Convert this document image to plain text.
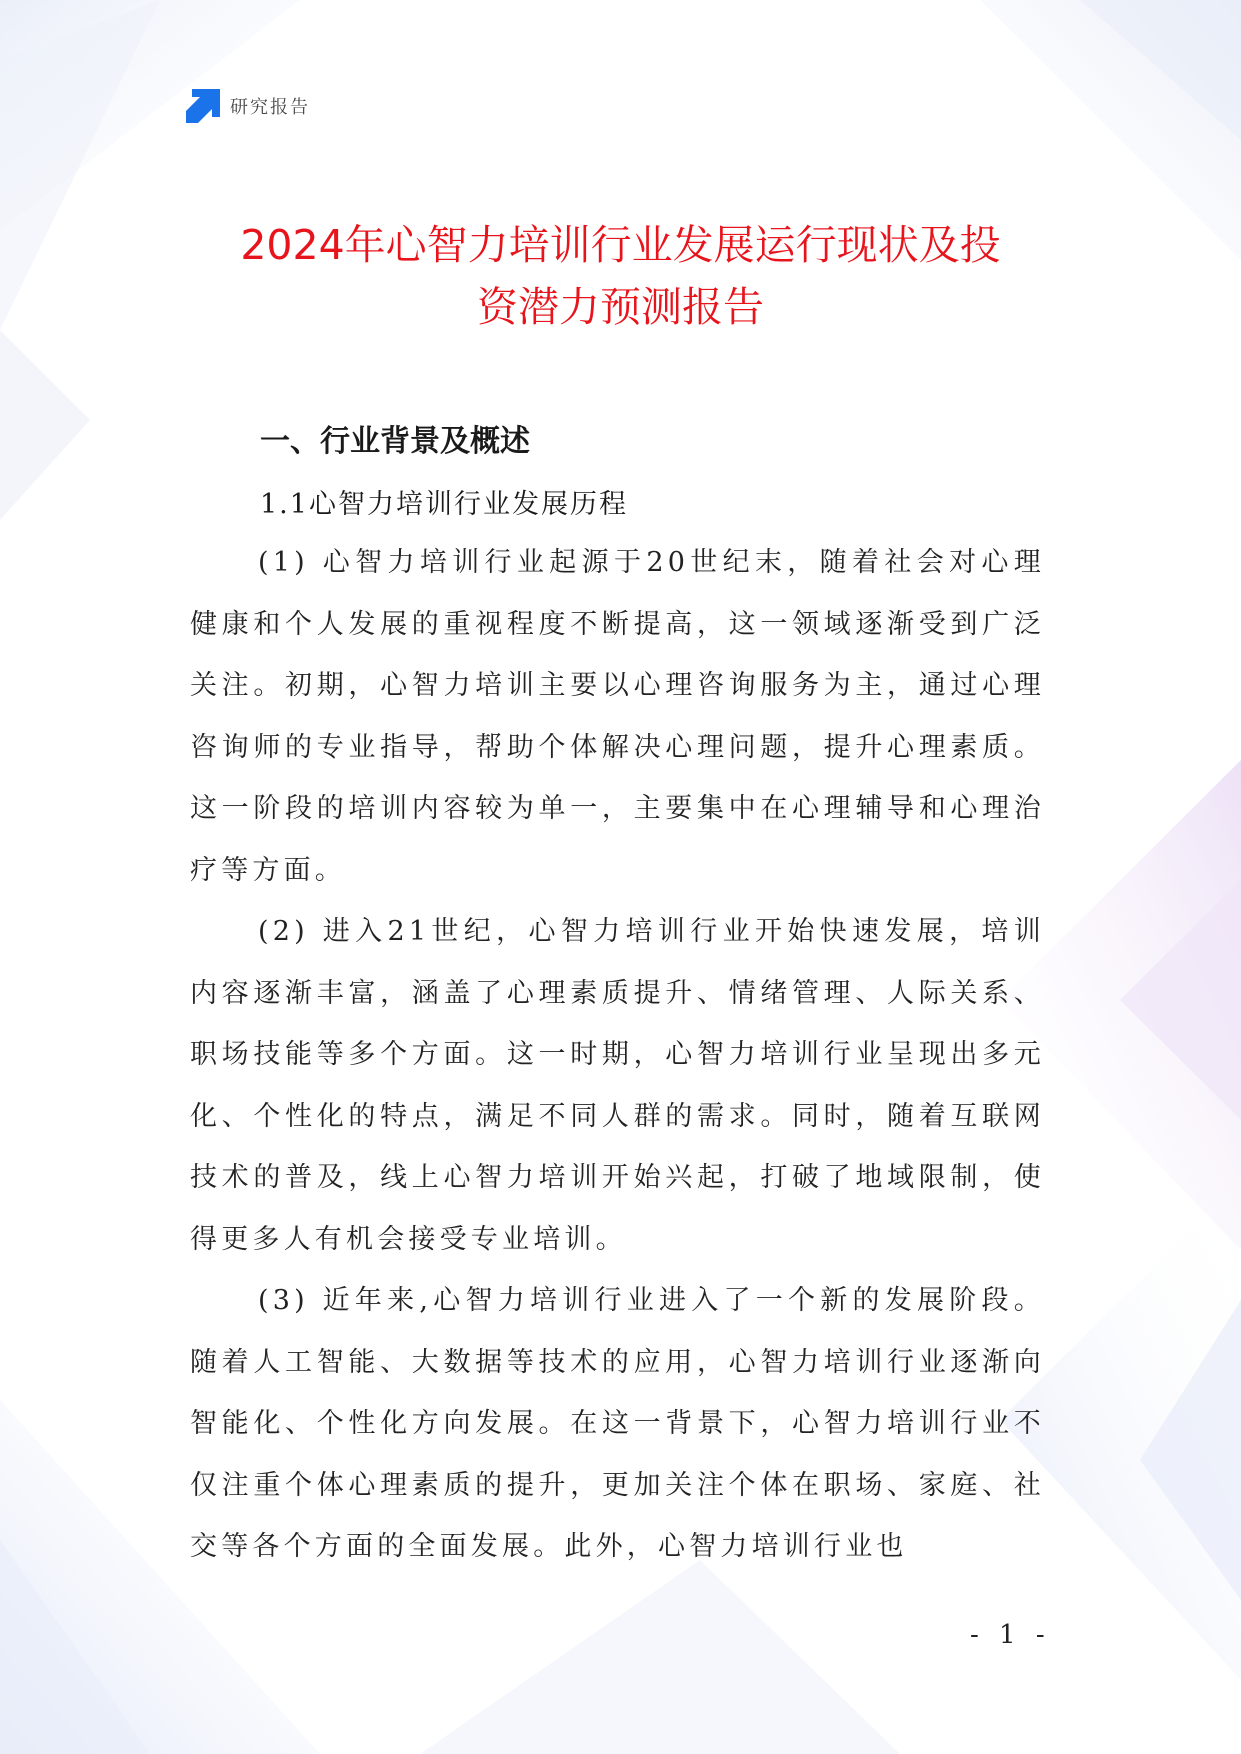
研究报告
2024年心智力培训行业发展运行现状及投
资潜力预测报告
一、行业背景及概述
1.1心智力培训行业发展历程

(1) 心智力培训行业起源于20世纪末，随着社会对心理健康和个人发展的重视程度不断提高，这一领域逐渐受到广泛关注。初期，心智力培训主要以心理咨询服务为主，通过心理咨询师的专业指导，帮助个体解决心理问题，提升心理素质。这一阶段的培训内容较为单一，主要集中在心理辅导和心理治疗等方面。

(2) 进入21世纪，心智力培训行业开始快速发展，培训内容逐渐丰富，涵盖了心理素质提升、情绪管理、人际关系、职场技能等多个方面。这一时期，心智力培训行业呈现出多元化、个性化的特点，满足不同人群的需求。同时，随着互联网技术的普及，线上心智力培训开始兴起，打破了地域限制，使得更多人有机会接受专业培训。

(3) 近年来,心智力培训行业进入了一个新的发展阶段。随着人工智能、大数据等技术的应用，心智力培训行业逐渐向智能化、个性化方向发展。在这一背景下，心智力培训行业不仅注重个体心理素质的提升，更加关注个体在职场、家庭、社交等各个方面的全面发展。此外，心智力培训行业也

- 1 -
